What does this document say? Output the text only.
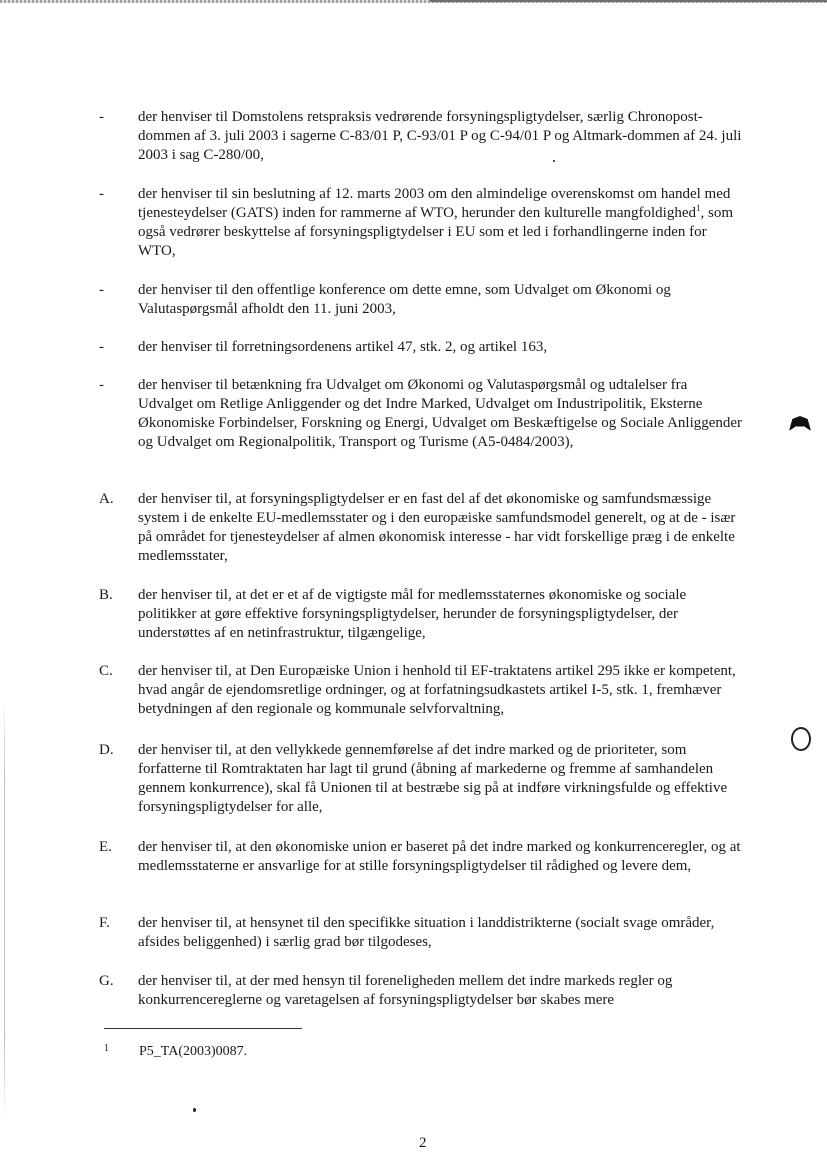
- der henviser til Domstolens retspraksis vedrørende forsyningspligtydelser, særlig Chronopost-dommen af 3. juli 2003 i sagerne C-83/01 P, C-93/01 P og C-94/01 P og Altmark-dommen af 24. juli 2003 i sag C-280/00,
- der henviser til sin beslutning af 12. marts 2003 om den almindelige overenskomst om handel med tjenesteydelser (GATS) inden for rammerne af WTO, herunder den kulturelle mangfoldighed$^1$, som også vedrører beskyttelse af forsyningspligtydelser i EU som et led i forhandlingerne inden for WTO,
- der henviser til den offentlige konference om dette emne, som Udvalget om Økonomi og Valutaspørgsmål afholdt den 11. juni 2003,
- der henviser til forretningsordenens artikel 47, stk. 2, og artikel 163,
- der henviser til betænkning fra Udvalget om Økonomi og Valutaspørgsmål og udtalelser fra Udvalget om Retlige Anliggender og det Indre Marked, Udvalget om Industripolitik, Eksterne Økonomiske Forbindelser, Forskning og Energi, Udvalget om Beskæftigelse og Sociale Anliggender og Udvalget om Regionalpolitik, Transport og Turisme (A5-0484/2003),
A. der henviser til, at forsyningspligtydelser er en fast del af det økonomiske og samfundsmæssige system i de enkelte EU-medlemsstater og i den europæiske samfundsmodel generelt, og at de - især på området for tjenesteydelser af almen økonomisk interesse - har vidt forskellige præg i de enkelte medlemsstater,
B. der henviser til, at det er et af de vigtigste mål for medlemsstaternes økonomiske og sociale politikker at gøre effektive forsyningspligtydelser, herunder de forsyningspligtydelser, der understøttes af en netinfrastruktur, tilgængelige,
C. der henviser til, at Den Europæiske Union i henhold til EF-traktatens artikel 295 ikke er kompetent, hvad angår de ejendomsretlige ordninger, og at forfatningsudkastets artikel I-5, stk. 1, fremhæver betydningen af den regionale og kommunale selvforvaltning,
D. der henviser til, at den vellykkede gennemførelse af det indre marked og de prioriteter, som forfatterne til Romtraktaten har lagt til grund (åbning af markederne og fremme af samhandelen gennem konkurrence), skal få Unionen til at bestræbe sig på at indføre virkningsfulde og effektive forsyningspligtydelser for alle,
E. der henviser til, at den økonomiske union er baseret på det indre marked og konkurrenceregler, og at medlemsstaterne er ansvarlige for at stille forsyningspligtydelser til rådighed og levere dem,
F. der henviser til, at hensynet til den specifikke situation i landdistrikterne (socialt svage områder, afsides beliggenhed) i særlig grad bør tilgodeses,
G. der henviser til, at der med hensyn til foreneligheden mellem det indre markeds regler og konkurrencereglerne og varetagelsen af forsyningspligtydelser bør skabes mere
1 P5_TA(2003)0087.
2
